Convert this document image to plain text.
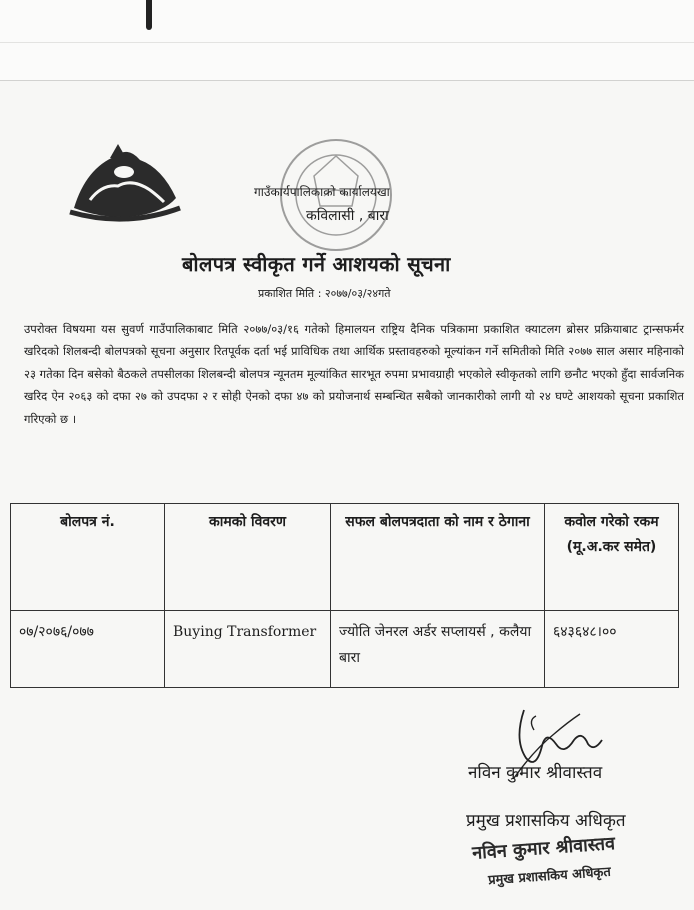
गाउँकार्यपालिकाको कार्यालयखा
कविलासी , बारा
बोलपत्र स्वीकृत गर्ने आशयको सूचना
प्रकाशित मिति : २०७७/०३/२४गते

उपरोक्त विषयमा यस सुवर्ण गाउँपालिकाबाट मिति २०७७/०३/१६ गतेको हिमालयन राष्ट्रिय दैनिक पत्रिकामा प्रकाशित क्याटलग ब्रोसर प्रक्रियाबाट ट्रान्सफर्मर खरिदको शिलबन्दी बोलपत्रको सूचना अनुसार रितपूर्वक दर्ता भई प्राविधिक तथा आर्थिक प्रस्तावहरुको मूल्यांकन गर्ने समितीको मिति २०७७ साल असार महिनाको २३ गतेका दिन बसेको बैठकले तपसीलका शिलबन्दी बोलपत्र न्यूनतम मूल्यांकित सारभूत रुपमा प्रभावग्राही भएकोले स्वीकृतको लागि छनौट भएको हुँदा सार्वजनिक खरिद ऐन २०६३ को दफा २७ को उपदफा २ र सोही ऐनको दफा ४७ को प्रयोजनार्थ सम्बन्धित सबैको जानकारीको लागी यो २४ घण्टे आशयको सूचना प्रकाशित गरिएको छ ।

बोलपत्र नं.	कामको विवरण	सफल बोलपत्रदाता को नाम र ठेगाना	कवोल गरेको रकम (मू.अ.कर समेत)
०७/२०७६/०७७	Buying Transformer	ज्योति जेनरल अर्डर सप्लायर्स , कलैया बारा	६४३६४८।००
नविन कुमार श्रीवास्तव
प्रमुख प्रशासकिय अधिकृत
नविन कुमार श्रीवास्तव
प्रमुख प्रशासकिय अधिकृत
